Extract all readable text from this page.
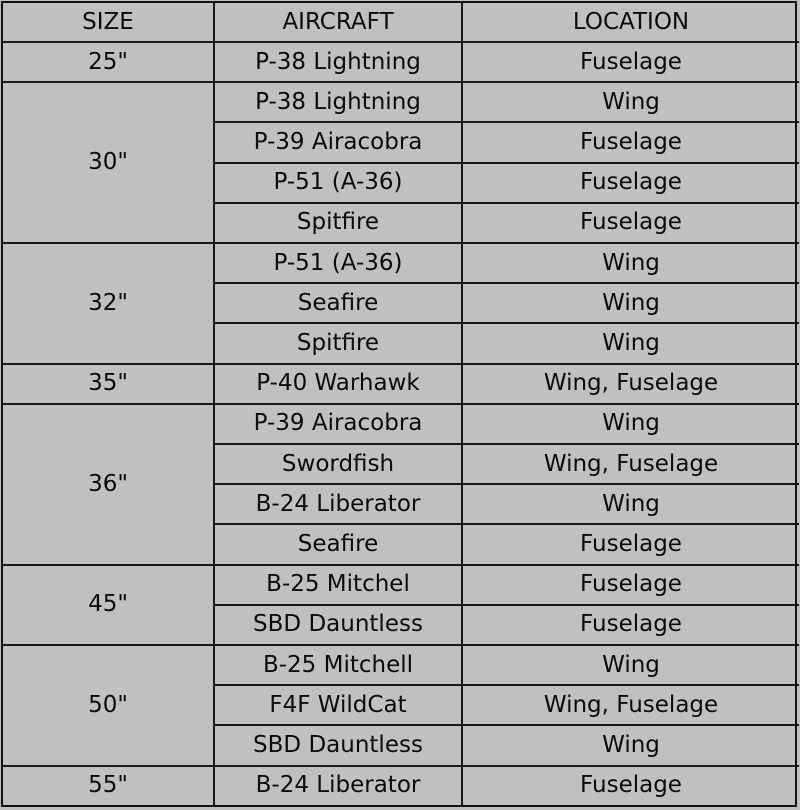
SIZE	AIRCRAFT	LOCATION
25"	P-38 Lightning	Fuselage
30"	P-38 Lightning	Wing
	P-39 Airacobra	Fuselage
	P-51 (A-36)	Fuselage
	Spitfire	Fuselage
32"	P-51 (A-36)	Wing
	Seafire	Wing
	Spitfire	Wing
35"	P-40 Warhawk	Wing, Fuselage
36"	P-39 Airacobra	Wing
	Swordfish	Wing, Fuselage
	B-24 Liberator	Wing
	Seafire	Fuselage
45"	B-25 Mitchel	Fuselage
	SBD Dauntless	Fuselage
50"	B-25 Mitchell	Wing
	F4F WildCat	Wing, Fuselage
	SBD Dauntless	Wing
55"	B-24 Liberator	Fuselage
